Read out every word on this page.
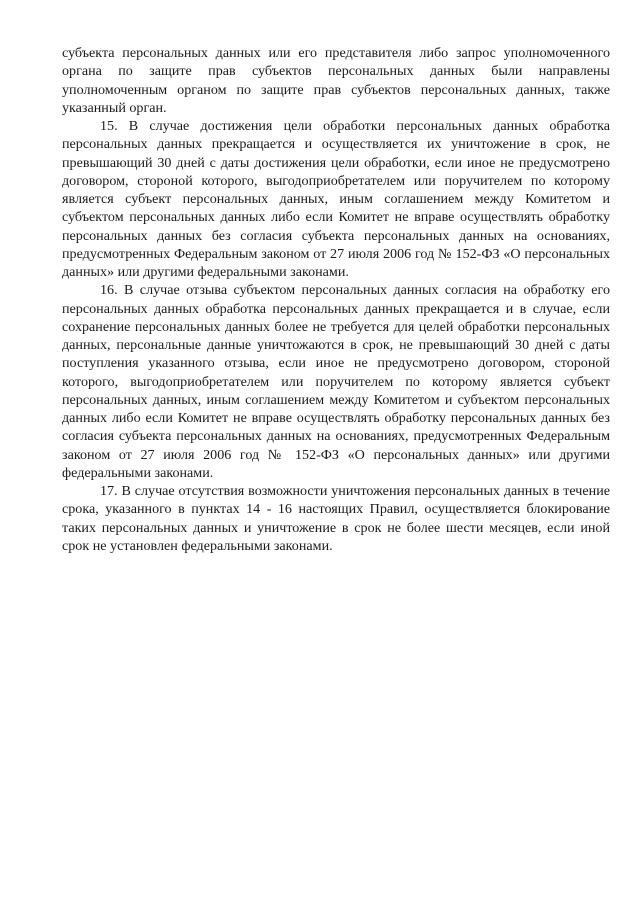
субъекта персональных данных или его представителя либо запрос уполномоченного органа по защите прав субъектов персональных данных были направлены уполномоченным органом по защите прав субъектов персональных данных, также указанный орган.

15. В случае достижения цели обработки персональных данных обработка персональных данных прекращается и осуществляется их уничтожение в срок, не превышающий 30 дней с даты достижения цели обработки, если иное не предусмотрено договором, стороной которого, выгодоприобретателем или поручителем по которому является субъект персональных данных, иным соглашением между Комитетом и субъектом персональных данных либо если Комитет не вправе осуществлять обработку персональных данных без согласия субъекта персональных данных на основаниях, предусмотренных Федеральным законом от 27 июля 2006 год № 152-ФЗ «О персональных данных» или другими федеральными законами.

16. В случае отзыва субъектом персональных данных согласия на обработку его персональных данных обработка персональных данных прекращается и в случае, если сохранение персональных данных более не требуется для целей обработки персональных данных, персональные данные уничтожаются в срок, не превышающий 30 дней с даты поступления указанного отзыва, если иное не предусмотрено договором, стороной которого, выгодоприобретателем или поручителем по которому является субъект персональных данных, иным соглашением между Комитетом и субъектом персональных данных либо если Комитет не вправе осуществлять обработку персональных данных без согласия субъекта персональных данных на основаниях, предусмотренных Федеральным законом от 27 июля 2006 год № 152-ФЗ «О персональных данных» или другими федеральными законами.

17. В случае отсутствия возможности уничтожения персональных данных в течение срока, указанного в пунктах 14 - 16 настоящих Правил, осуществляется блокирование таких персональных данных и уничтожение в срок не более шести месяцев, если иной срок не установлен федеральными законами.
